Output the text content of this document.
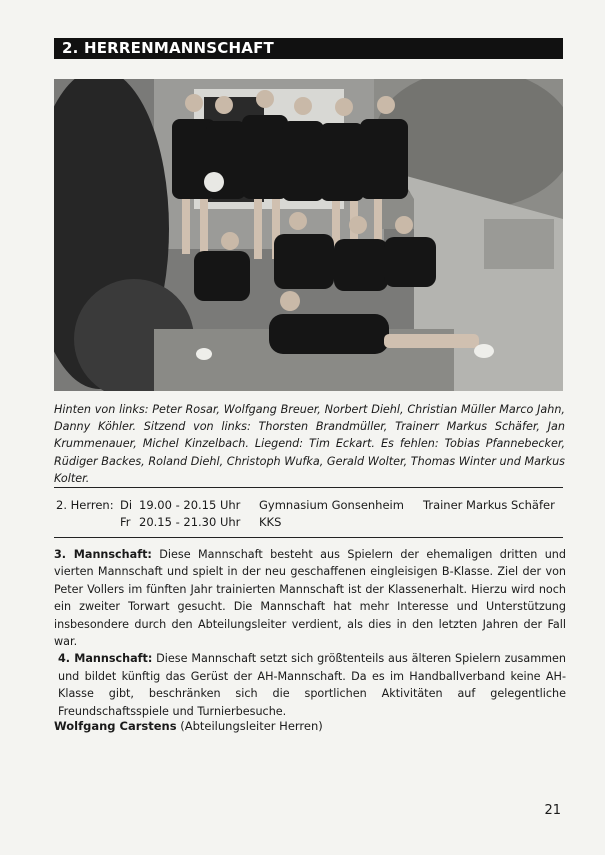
2. HERRENMANNSCHAFT
Hinten von links: Peter Rosar, Wolfgang Breuer, Norbert Diehl, Christian Müller Marco Jahn, Danny Köhler. Sitzend von links: Thorsten Brandmüller, Trainerr Markus Schäfer, Jan Krummenauer, Michel Kinzelbach. Liegend: Tim Eckart. Es fehlen: Tobias Pfannebecker, Rüdiger Backes, Roland Diehl, Christoph Wufka, Gerald Wolter, Thomas Winter und Markus Kolter.
2. Herren: Di 19.00 - 20.15 Uhr Gymnasium Gonsenheim Trainer Markus Schäfer
Fr 20.15 - 21.30 Uhr KKS

3. Mannschaft: Diese Mannschaft besteht aus Spielern der ehemaligen dritten und vierten Mannschaft und spielt in der neu geschaffenen eingleisigen B-Klasse. Ziel der von Peter Vollers im fünften Jahr trainierten Mannschaft ist der Klassenerhalt. Hierzu wird noch ein zweiter Torwart gesucht. Die Mannschaft hat mehr Interesse und Unterstützung insbesondere durch den Abteilungsleiter verdient, als dies in den letzten Jahren der Fall war.

4. Mannschaft: Diese Mannschaft setzt sich größtenteils aus älteren Spielern zusammen und bildet künftig das Gerüst der AH-Mannschaft. Da es im Handballverband keine AH-Klasse gibt, beschränken sich die sportlichen Aktivitäten auf gelegentliche Freundschaftsspiele und Turnierbesuche.

Wolfgang Carstens (Abteilungsleiter Herren)
21
